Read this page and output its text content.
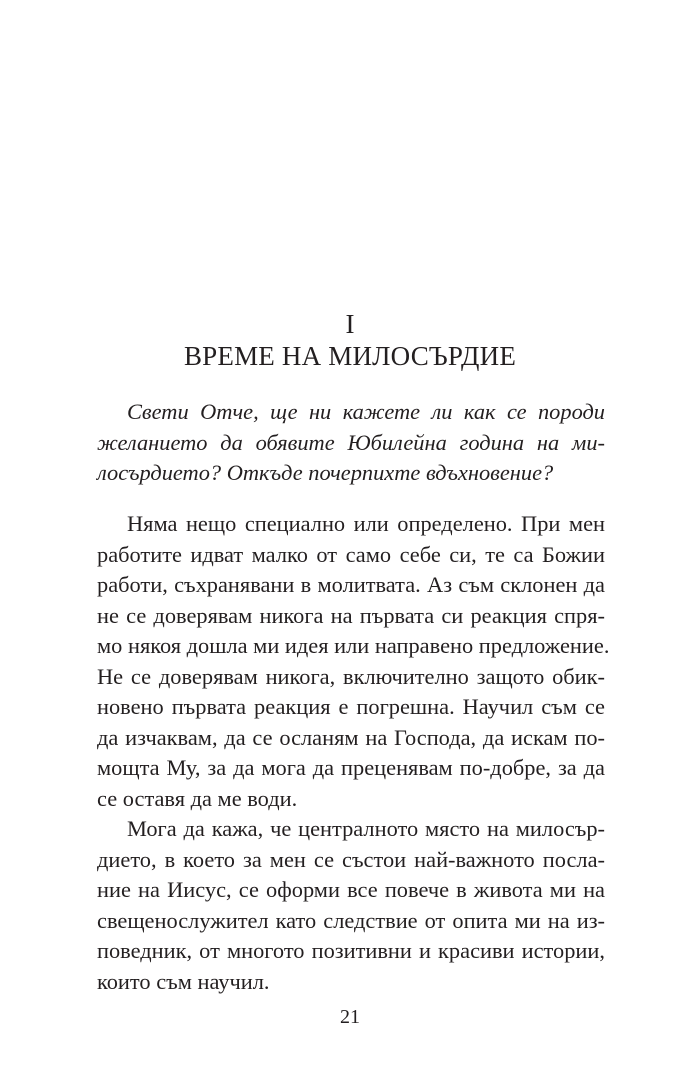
I
ВРЕМЕ НА МИЛОСЪРДИЕ
Свети Отче, ще ни кажете ли как се породи
желанието да обявите Юбилейна година на ми-
лосърдието? Откъде почерпихте вдъхновение?
Няма нещо специално или определено. При мен
работите идват малко от само себе си, те са Божии
работи, съхранявани в молитвата. Аз съм склонен да
не се доверявам никога на първата си реакция спря-
мо някоя дошла ми идея или направено предложение.
Не се доверявам никога, включително защото обик-
новено първата реакция е погрешна. Научил съм се
да изчаквам, да се осланям на Господа, да искам по-
мощта Му, за да мога да преценявам по-добре, за да
се оставя да ме води.
Мога да кажа, че централното място на милосър-
дието, в което за мен се състои най-важното посла-
ние на Иисус, се оформи все повече в живота ми на
свещенослужител като следствие от опита ми на из-
поведник, от многото позитивни и красиви истории,
които съм научил.
21
